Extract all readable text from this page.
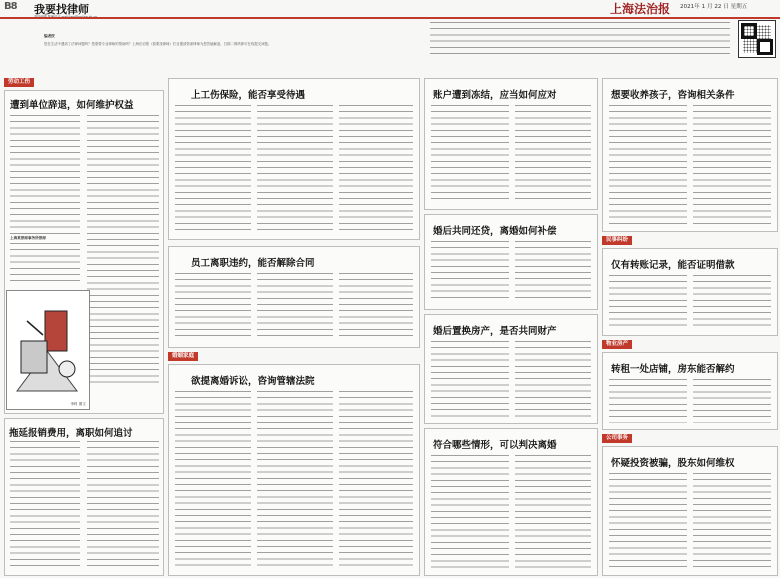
B8 我要找律师	上海法治报 2021年 1 月 22 日 星期五
编者按
您在生活中遇到了法律问题吗？您需要专业律师的帮助吗？上海法治报《我要找律师》栏目邀请资深律师为您答疑解惑，扫描二维码即可在线提交问题。
劳动工伤
遭到单位辞退，如何维护权益
上海某律师事务所律师
李科 图文
拖延报销费用，离职如何追讨
上工伤保险，能否享受待遇
员工离职违约，能否解除合同
婚姻家庭
欲提离婚诉讼，咨询管辖法院
账户遭到冻结，应当如何应对
婚后共同还贷，离婚如何补偿
婚后置换房产，是否共同财产
符合哪些情形，可以判决离婚
想要收养孩子，咨询相关条件
民事纠纷
仅有转账记录，能否证明借款
物业房产
转租一处店铺，房东能否解约
公司事务
怀疑投资被骗，股东如何维权
